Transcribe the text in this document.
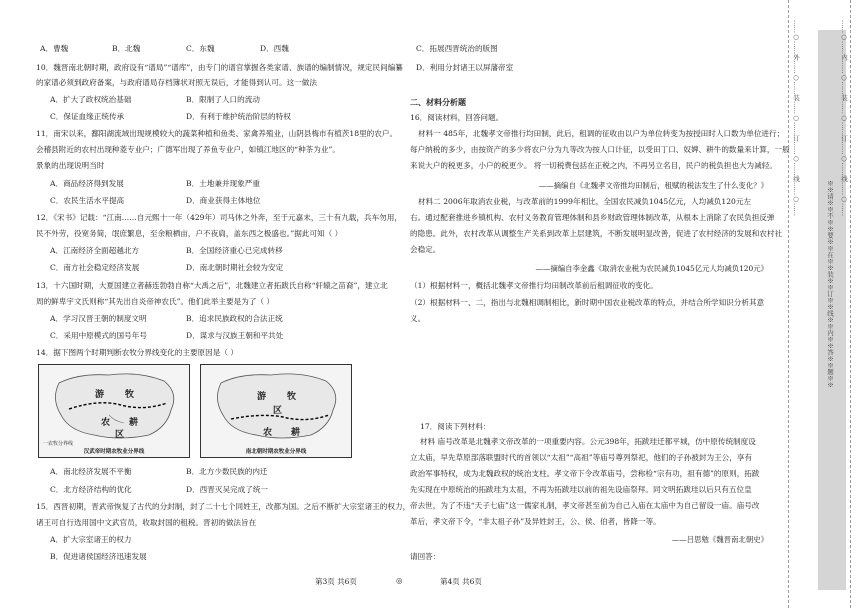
A．曹魏	B．北魏	C．东魏	D．西魏
10．魏晋南北朝时期，政府设有“谱局”“谱库”，由专门的谱官掌握各类家谱、族谱的编制情况，规定民间编纂
的家谱必须到政府备案，与政府谱局存档簿状对照无误后，才能得到认可。这一做法
A．扩大了政权统治基础	B．限制了人口的流动
C．保证血缘正统传承	D．有利于维护统治阶层的特权
11．南宋以来，鄱阳湖流域出现规模较大的蔬菜种植和鱼类、家禽养殖业，山阴县梅市有植茨18里的农户。
会稽县附近的农村出现种菱专业户；广德军出现了养鱼专业户，如镇江地区的“种茶为业”。
景象的出现说明当时
A．商品经济得到发展	B．土地兼并现象严重
C．农民生活水平提高	D．商业获得主体地位
12．《宋书》记载：“江南……自元熙十一年（429年）司马休之外奔，至于元嘉末，三十有九载，兵车勿用，
民不外劳，役宽务简，氓庶繁息，至余粮栖亩，户不夜扃，盖东西之极盛也。”据此可知（ ）
A．江南经济全面超越北方	B．全国经济重心已完成转移
C．南方社会稳定经济发展	D．南北朝时期社会较为安定
13．十六国时期，大夏国建立者赫连勃勃自称“大禹之后”，北魏建立者拓跋氏自称“轩辕之苗裔”，建立北
周的鲜卑宇文氏则称“其先出自炎帝神农氏”。他们此举主要是为了（ ）
A．学习汉晋王朝的制度文明	B．追求民族政权的合法正统
C．采用中原模式的国号年号	D．谋求与汉族王朝和平共处
14．据下图两个时期判断农牧分界线变化的主要原因是（ ）
游 牧
农 耕
区
一农牧分界线
汉武帝时期农牧业分界线
游 牧
区
农 耕
南北朝时期农牧业分界线
A．南北经济发展不平衡	B．北方少数民族的内迁
C．北方经济结构的优化	D．西晋灭吴完成了统一
15．西晋初期，晋武帝恢复了古代的分封制，封了二十七个同姓王，改都为国。之后不断扩大宗室诸王的权力，
诸王可自行选用国中文武官员，收取封国的租税。晋初的做法旨在
A．扩大宗室诸王的权力
B．促进诸侯国经济迅速发展
第3页 共6页	◎
C．拓展西晋统治的版图
D．利用分封诸王以屏藩帝室
二、材料分析题
16．阅读材料，回答问题。
材料一 485年，北魏孝文帝推行均田制，此后，租调的征收由以户为单位转变为按授田时人口数为单位进行；
每户纳税的多少，由按资产的多少将农户分为九等改为按人口计征，以受田丁口、奴婢、耕牛的数量来计算，一般
来说大户的税更多，小户的税更少。 将一切税费包括在正税之内，不再另立名目，民户的税负担也大为减轻。
——摘编自《北魏孝文帝推均田制后，租赋的税法发生了什么变化？》
材料二 2006年取消农业税，与改革前的1999年相比，全国农民减负1045亿元，人均减负120元左
右。通过配套推进乡镇机构、农村义务教育管理体制和县乡财政管理体制改革，从根本上消除了农民负担反弹
的隐患。此外，农村改革从调整生产关系到改革上层建筑，不断发展明显改善，促进了农村经济的发展和农村社
会稳定。
——摘编自李金鑫《取消农业税为农民减负1045亿元人均减负120元》
（1）根据材料一，概括北魏孝文帝推行均田制改革前后租调征收的变化。
（2）根据材料一、二，指出与北魏相调制相比，新时期中国农业税改革的特点，并结合所学知识分析其意
义。
17．阅读下列材料：
材料 庙号改革是北魏孝文帝改革的一项重要内容。公元398年，拓跋珪迁都平城，仿中原传统制度设
立太庙，早先草原部落联盟时代的首领以“太祖”“高祖”等庙号尊列祭祀，他们的子孙被封为王公，享有
政治军事特权，成为北魏政权的统治支柱。孝文帝下令改革庙号，尝称检“宗有功，祖有德”的原则，拓跋
先实现在中原统治的拓跋珪为太祖，不再为拓跋珪以前的祖先设庙祭拜。同文明拓跋珪以后只有五位皇
帝去世，为了不违“天子七庙”这一儒家礼制，孝文帝甚至前为自己入庙在太庙中为自己留设一庙。庙号改
革后，孝文帝下令，“非太祖子孙”及异姓封王，公、侯、伯者，皆降一等。
——吕思勉《魏晋南北朝史》
请回答：
第4页 共6页
……○……外……○……装……○……订……○……线……○……
※※请※※不※※要※※在※※装※※订※※线※※内※※答※※题※※
……○……内……○……装……○……订……○……线……○……
